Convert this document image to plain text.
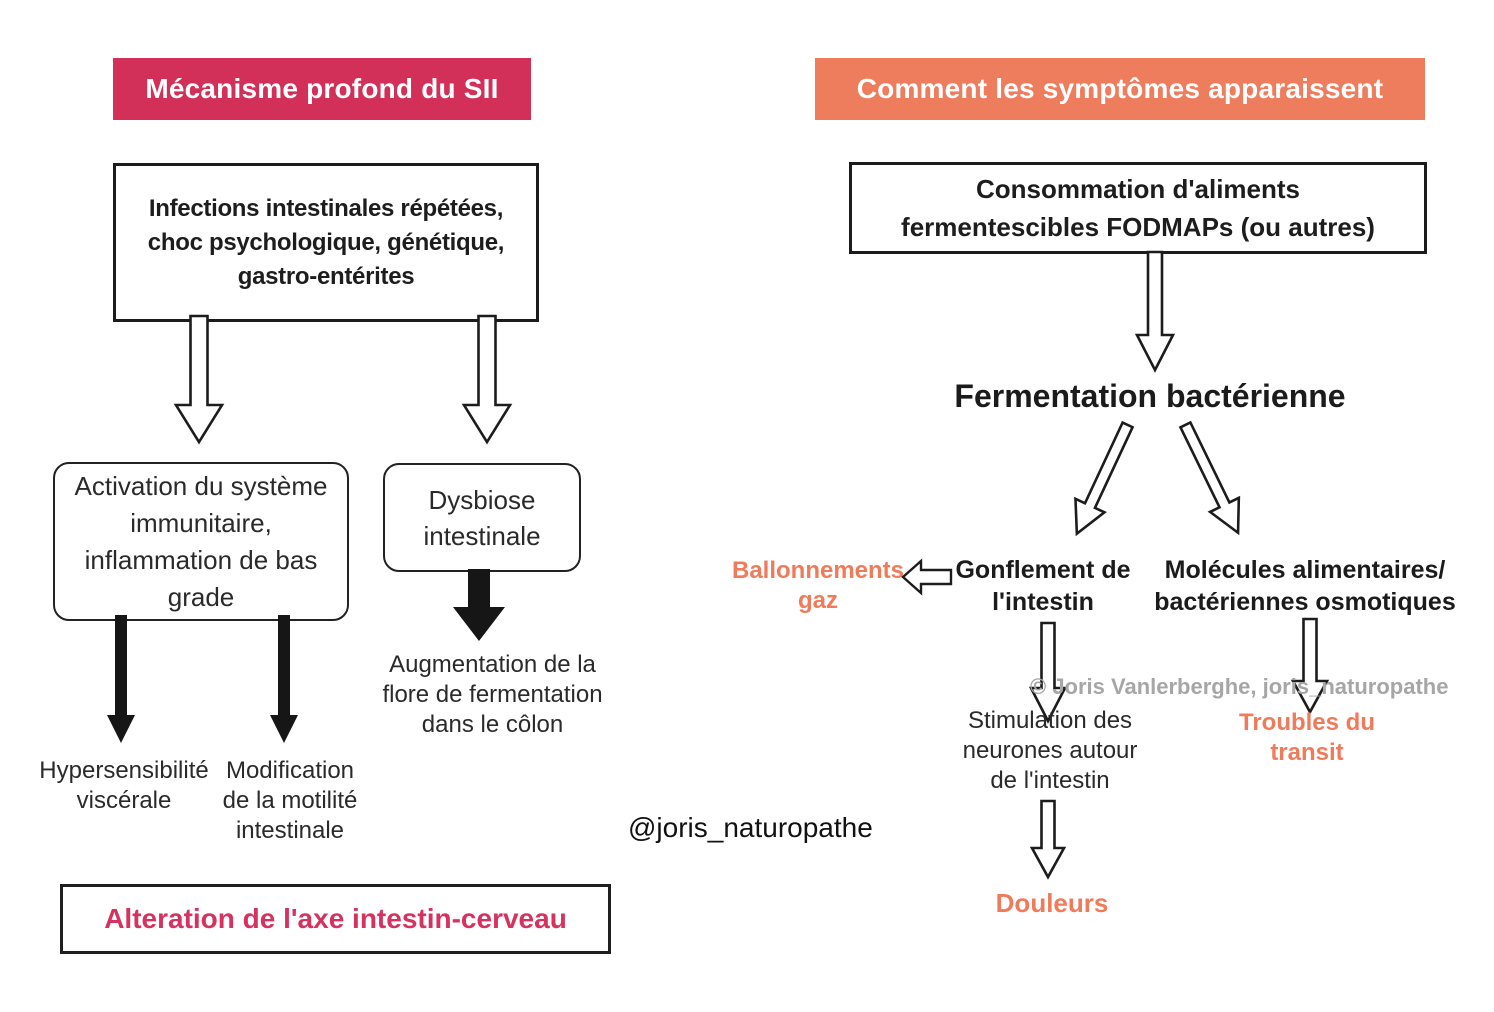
Mécanisme profond du SII
Infections intestinales répétées,
choc psychologique, génétique,
gastro-entérites
Activation du système
immunitaire,
inflammation de bas
grade
Dysbiose
intestinale
Augmentation de la
flore de fermentation
dans le côlon
Hypersensibilité
viscérale
Modification
de la motilité
intestinale
Alteration de l'axe intestin-cerveau
@joris_naturopathe
Comment les symptômes apparaissent
Consommation d'aliments
fermentescibles FODMAPs (ou autres)
Fermentation bactérienne
Ballonnements
gaz
Gonflement de
l'intestin
Molécules alimentaires/
bactériennes osmotiques
© Joris Vanlerberghe, joris_naturopathe
Stimulation des
neurones autour
de l'intestin
Troubles du
transit
Douleurs
